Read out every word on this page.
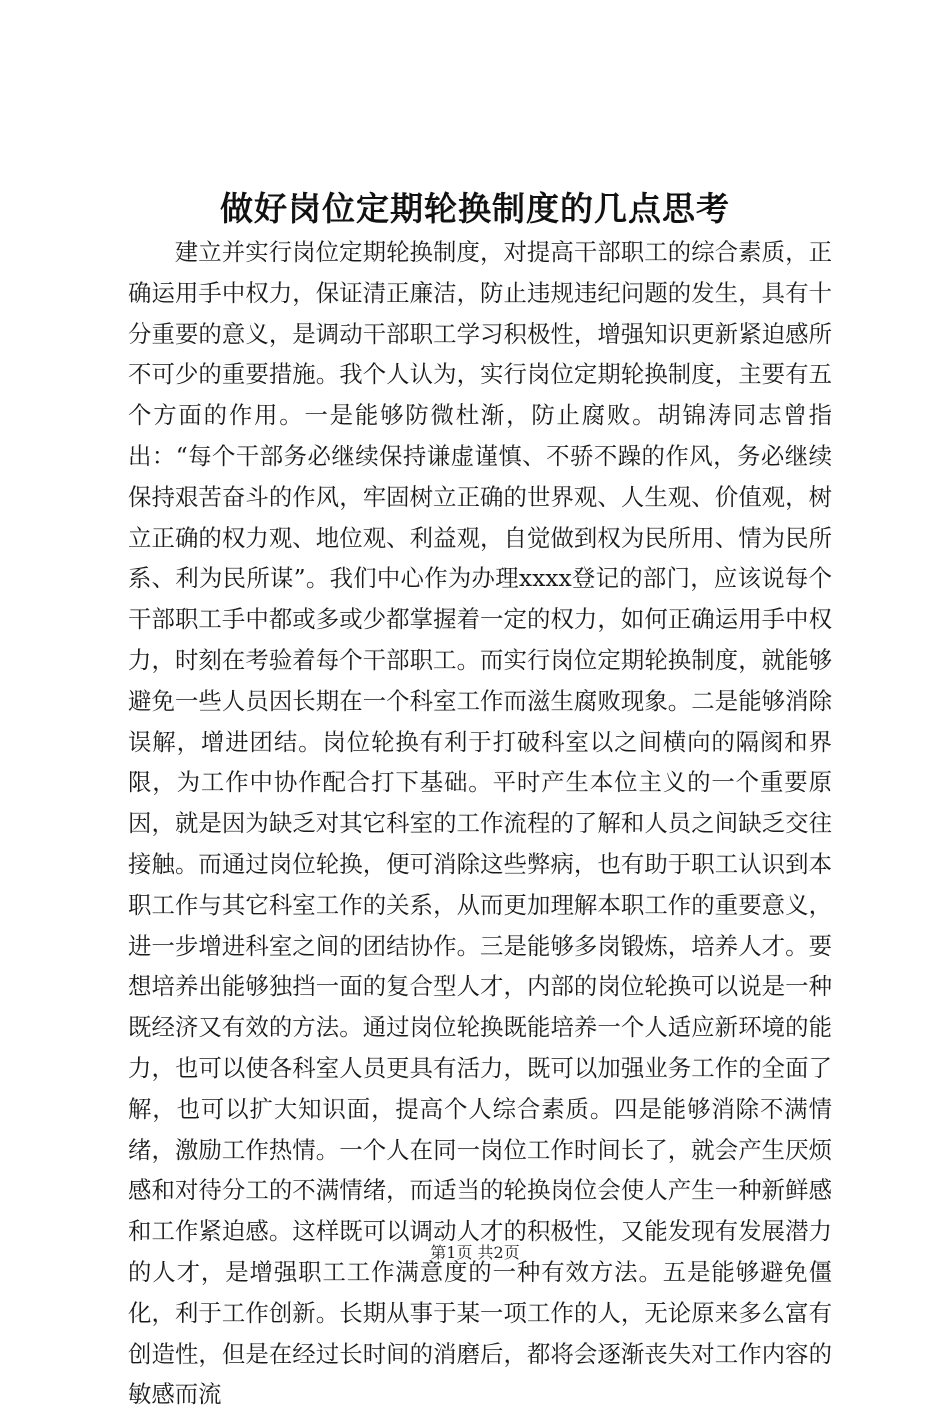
做好岗位定期轮换制度的几点思考

建立并实行岗位定期轮换制度，对提高干部职工的综合素质，正确运用手中权力，保证清正廉洁，防止违规违纪问题的发生，具有十分重要的意义，是调动干部职工学习积极性，增强知识更新紧迫感所不可少的重要措施。我个人认为，实行岗位定期轮换制度，主要有五个方面的作用。一是能够防微杜渐，防止腐败。胡锦涛同志曾指出：“每个干部务必继续保持谦虚谨慎、不骄不躁的作风，务必继续保持艰苦奋斗的作风，牢固树立正确的世界观、人生观、价值观，树立正确的权力观、地位观、利益观，自觉做到权为民所用、情为民所系、利为民所谋”。我们中心作为办理xxxx登记的部门，应该说每个干部职工手中都或多或少都掌握着一定的权力，如何正确运用手中权力，时刻在考验着每个干部职工。而实行岗位定期轮换制度，就能够避免一些人员因长期在一个科室工作而滋生腐败现象。二是能够消除误解，增进团结。岗位轮换有利于打破科室以之间横向的隔阂和界限，为工作中协作配合打下基础。平时产生本位主义的一个重要原因，就是因为缺乏对其它科室的工作流程的了解和人员之间缺乏交往接触。而通过岗位轮换，便可消除这些弊病，也有助于职工认识到本职工作与其它科室工作的关系，从而更加理解本职工作的重要意义，进一步增进科室之间的团结协作。三是能够多岗锻炼，培养人才。要想培养出能够独挡一面的复合型人才，内部的岗位轮换可以说是一种既经济又有效的方法。通过岗位轮换既能培养一个人适应新环境的能力，也可以使各科室人员更具有活力，既可以加强业务工作的全面了解，也可以扩大知识面，提高个人综合素质。四是能够消除不满情绪，激励工作热情。一个人在同一岗位工作时间长了，就会产生厌烦感和对待分工的不满情绪，而适当的轮换岗位会使人产生一种新鲜感和工作紧迫感。这样既可以调动人才的积极性，又能发现有发展潜力的人才，是增强职工工作满意度的一种有效方法。五是能够避免僵化，利于工作创新。长期从事于某一项工作的人，无论原来多么富有创造性，但是在经过长时间的消磨后，都将会逐渐丧失对工作内容的敏感而流

第1页 共2页
